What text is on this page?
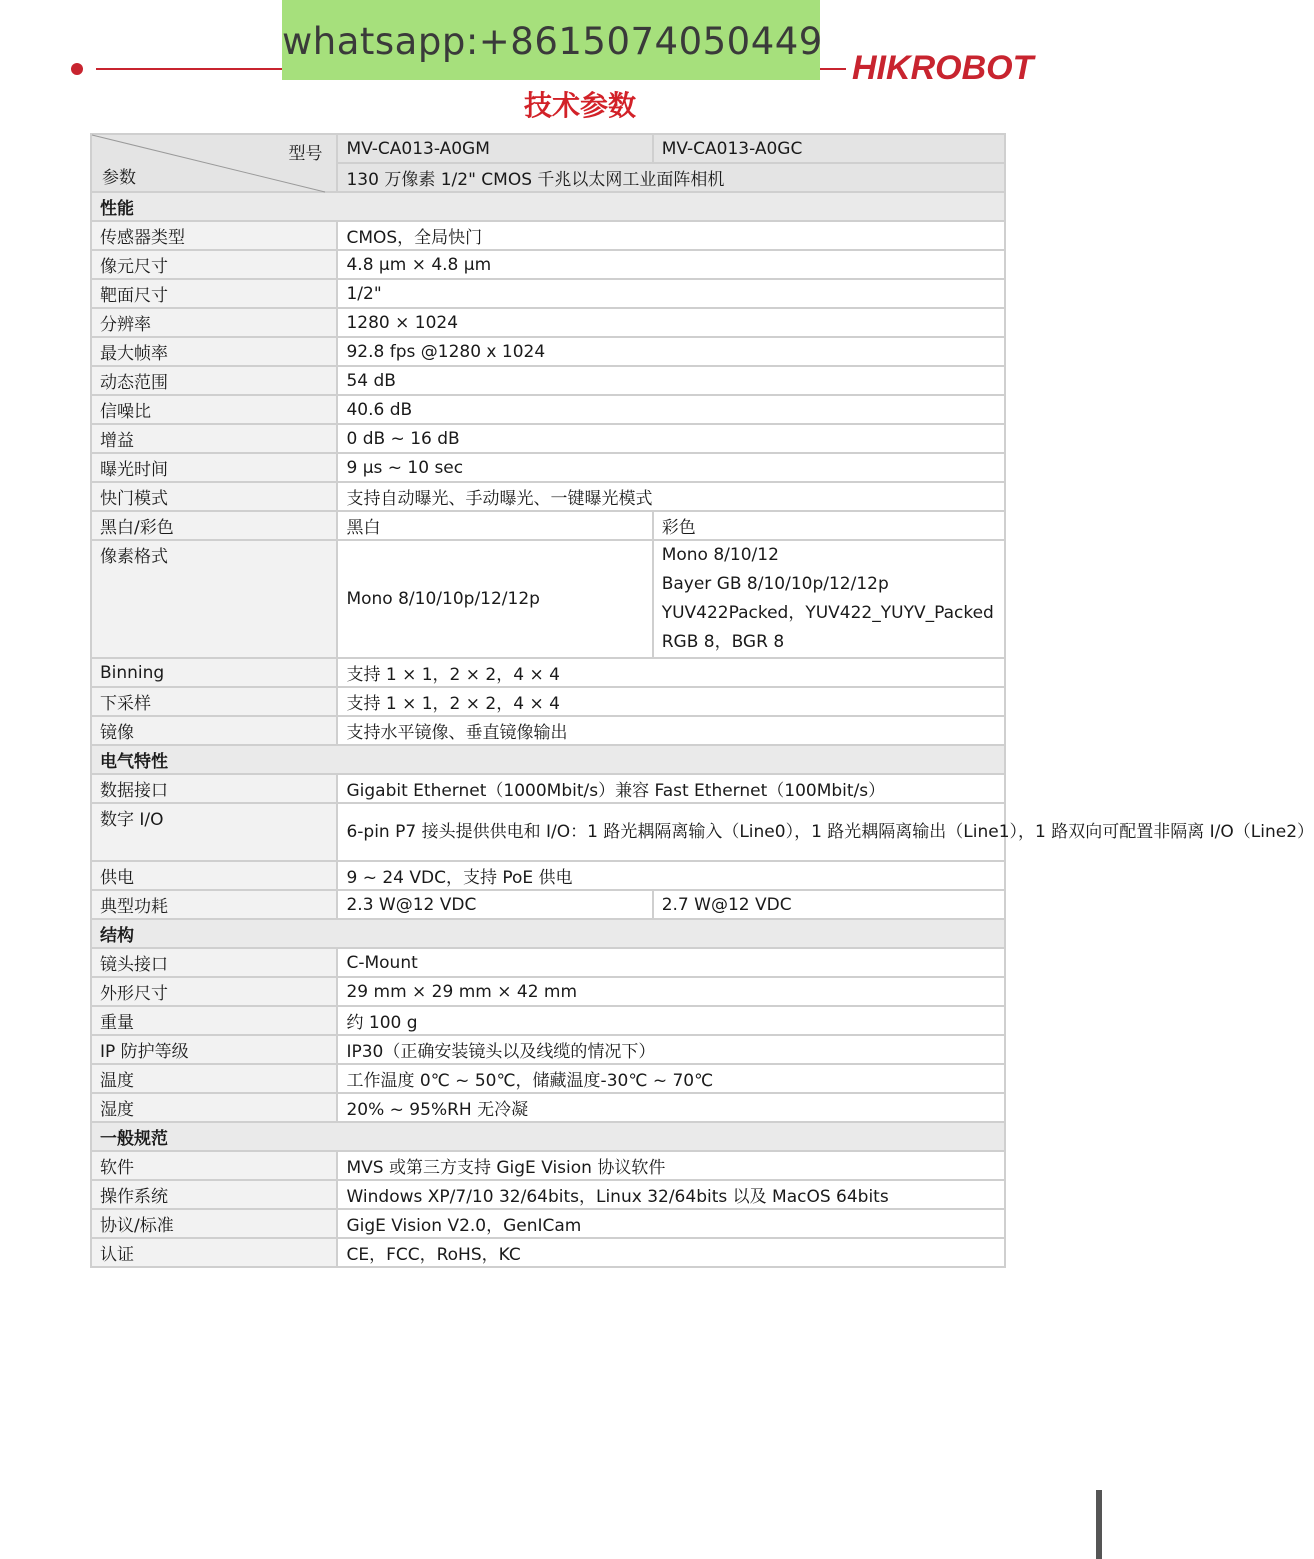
whatsapp:+8615074050449
HIKROBOT
技术参数
型号
参数	MV-CA013-A0GM	MV-CA013-A0GC
	130 万像素 1/2" CMOS 千兆以太网工业面阵相机	
性能		
传感器类型	CMOS，全局快门	
像元尺寸	4.8 µm × 4.8 µm	
靶面尺寸	1/2"	
分辨率	1280 × 1024	
最大帧率	92.8 fps @1280 x 1024	
动态范围	54 dB	
信噪比	40.6 dB	
增益	0 dB ~ 16 dB	
曝光时间	9 µs ~ 10 sec	
快门模式	支持自动曝光、手动曝光、一键曝光模式	
黑白/彩色	黑白	彩色
像素格式	Mono 8/10/10p/12/12p	Mono 8/10/12
Bayer GB 8/10/10p/12/12p
YUV422Packed，YUV422_YUYV_Packed
RGB 8，BGR 8

Binning	支持 1 × 1，2 × 2，4 × 4	
下采样	支持 1 × 1，2 × 2，4 × 4	
镜像	支持水平镜像、垂直镜像输出	
电气特性		
数据接口	Gigabit Ethernet（1000Mbit/s）兼容 Fast Ethernet（100Mbit/s）	
数字 I/O	6-pin P7 接头提供供电和 I/O：1 路光耦隔离输入（Line0），1 路光耦隔离输出（Line1），1 路双向可配置非隔离 I/O（Line2）	
供电	9 ~ 24 VDC，支持 PoE 供电	
典型功耗	2.3 W@12 VDC	2.7 W@12 VDC
结构		
镜头接口	C-Mount	
外形尺寸	29 mm × 29 mm × 42 mm	
重量	约 100 g	
IP 防护等级	IP30（正确安装镜头以及线缆的情况下）	
温度	工作温度 0℃ ~ 50℃，储藏温度-30℃ ~ 70℃	
湿度	20% ~ 95%RH 无冷凝	
一般规范		
软件	MVS 或第三方支持 GigE Vision 协议软件	
操作系统	Windows XP/7/10 32/64bits，Linux 32/64bits 以及 MacOS 64bits	
协议/标准	GigE Vision V2.0，GenICam	
认证	CE，FCC，RoHS，KC	
